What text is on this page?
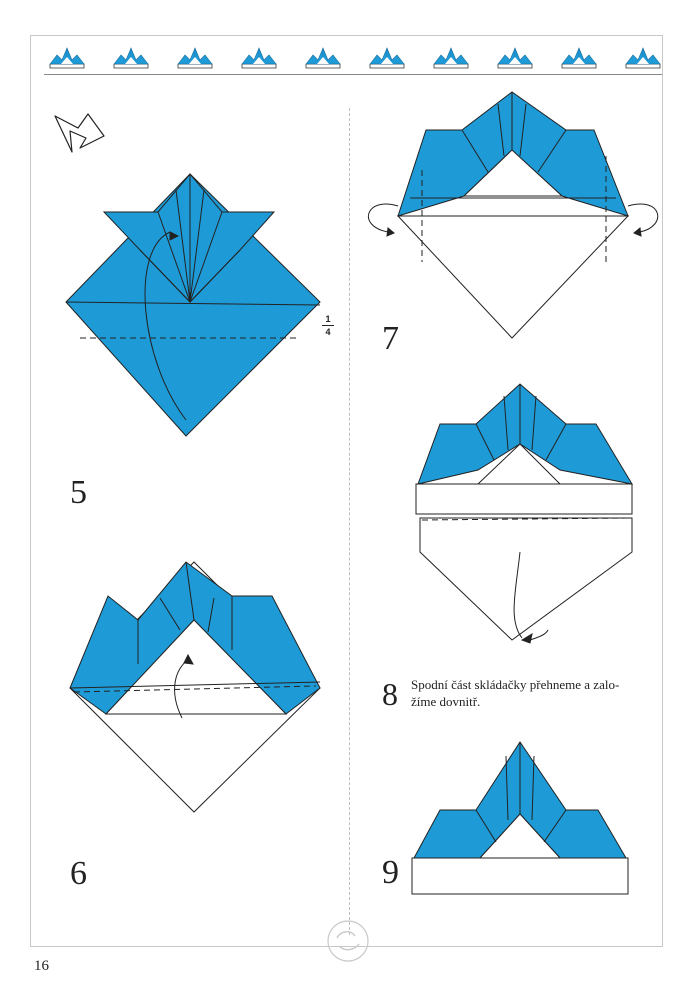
1
4
5
6
7
8 Spodní část skládačky přehneme a zalo-
žíme dovnitř.
9
16
